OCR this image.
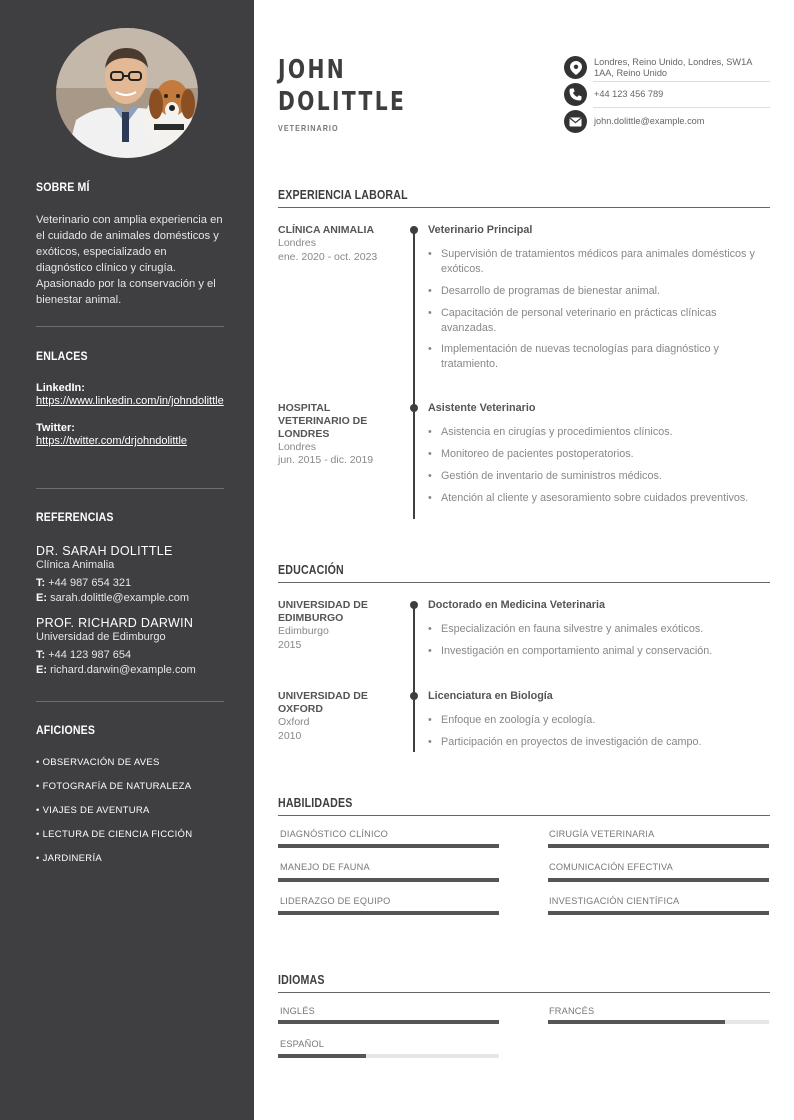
SOBRE MÍ
Veterinario con amplia experiencia en el cuidado de animales domésticos y exóticos, especializado en diagnóstico clínico y cirugía. Apasionado por la conservación y el bienestar animal.
ENLACES
LinkedIn:
https://www.linkedin.com/in/johndolittle
Twitter:
https://twitter.com/drjohndolittle
REFERENCIAS
DR. SARAH DOLITTLE
Clínica Animalia
T: +44 987 654 321
E: sarah.dolittle@example.com
PROF. RICHARD DARWIN
Universidad de Edimburgo
T: +44 123 987 654
E: richard.darwin@example.com
AFICIONES
• OBSERVACIÓN DE AVES
• FOTOGRAFÍA DE NATURALEZA
• VIAJES DE AVENTURA
• LECTURA DE CIENCIA FICCIÓN
• JARDINERÍA
JOHN
DOLITTLE
VETERINARIO
Londres, Reino Unido, Londres, SW1A 1AA, Reino Unido
+44 123 456 789
john.dolittle@example.com
EXPERIENCIA LABORAL
CLÍNICA ANIMALIA
Londres
ene. 2020 - oct. 2023
Veterinario Principal
• Supervisión de tratamientos médicos para animales domésticos y exóticos.
• Desarrollo de programas de bienestar animal.
• Capacitación de personal veterinario en prácticas clínicas avanzadas.
• Implementación de nuevas tecnologías para diagnóstico y tratamiento.
HOSPITAL VETERINARIO DE LONDRES
Londres
jun. 2015 - dic. 2019
Asistente Veterinario
• Asistencia en cirugías y procedimientos clínicos.
• Monitoreo de pacientes postoperatorios.
• Gestión de inventario de suministros médicos.
• Atención al cliente y asesoramiento sobre cuidados preventivos.
EDUCACIÓN
UNIVERSIDAD DE EDIMBURGO
Edimburgo
2015
Doctorado en Medicina Veterinaria
• Especialización en fauna silvestre y animales exóticos.
• Investigación en comportamiento animal y conservación.
UNIVERSIDAD DE OXFORD
Oxford
2010
Licenciatura en Biología
• Enfoque en zoología y ecología.
• Participación en proyectos de investigación de campo.
HABILIDADES
DIAGNÓSTICO CLÍNICO	CIRUGÍA VETERINARIA
MANEJO DE FAUNA	COMUNICACIÓN EFECTIVA
LIDERAZGO DE EQUIPO	INVESTIGACIÓN CIENTÍFICA
IDIOMAS
INGLÉS	FRANCÉS
ESPAÑOL
